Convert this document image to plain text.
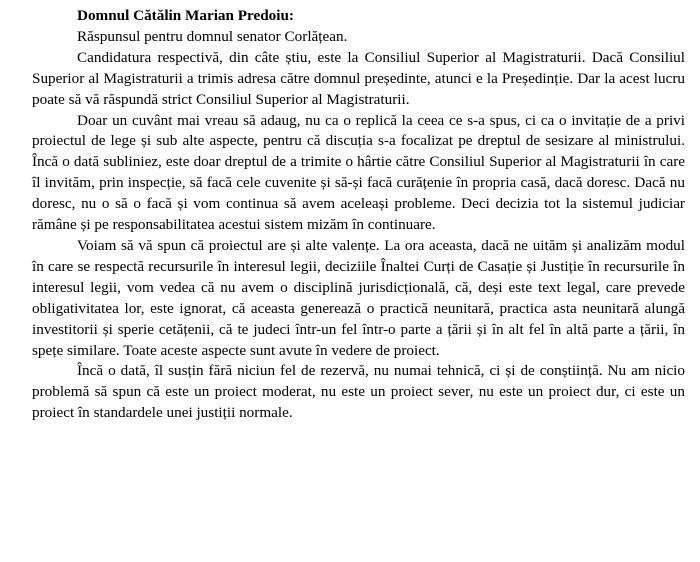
Domnul Cătălin Marian Predoiu:

Răspunsul pentru domnul senator Corlățean.

Candidatura respectivă, din câte știu, este la Consiliul Superior al Magistraturii. Dacă Consiliul Superior al Magistraturii a trimis adresa către domnul președinte, atunci e la Președinție. Dar la acest lucru poate să vă răspundă strict Consiliul Superior al Magistraturii.

Doar un cuvânt mai vreau să adaug, nu ca o replică la ceea ce s-a spus, ci ca o invitație de a privi proiectul de lege și sub alte aspecte, pentru că discuția s-a focalizat pe dreptul de sesizare al ministrului. Încă o dată subliniez, este doar dreptul de a trimite o hârtie către Consiliul Superior al Magistraturii în care îl invităm, prin inspecție, să facă cele cuvenite și să-și facă curățenie în propria casă, dacă doresc. Dacă nu doresc, nu o să o facă și vom continua să avem aceleași probleme. Deci decizia tot la sistemul judiciar rămâne și pe responsabilitatea acestui sistem mizăm în continuare.

Voiam să vă spun că proiectul are și alte valențe. La ora aceasta, dacă ne uităm și analizăm modul în care se respectă recursurile în interesul legii, deciziile Înaltei Curți de Casație și Justiție în recursurile în interesul legii, vom vedea că nu avem o disciplină jurisdicțională, că, deși este text legal, care prevede obligativitatea lor, este ignorat, că aceasta generează o practică neunitară, practica asta neunitară alungă investitorii și sperie cetățenii, că te judeci într-un fel într-o parte a țării și în alt fel în altă parte a țării, în spețe similare. Toate aceste aspecte sunt avute în vedere de proiect.

Încă o dată, îl susțin fără niciun fel de rezervă, nu numai tehnică, ci și de conștiință. Nu am nicio problemă să spun că este un proiect moderat, nu este un proiect sever, nu este un proiect dur, ci este un proiect în standardele unei justiții normale.
